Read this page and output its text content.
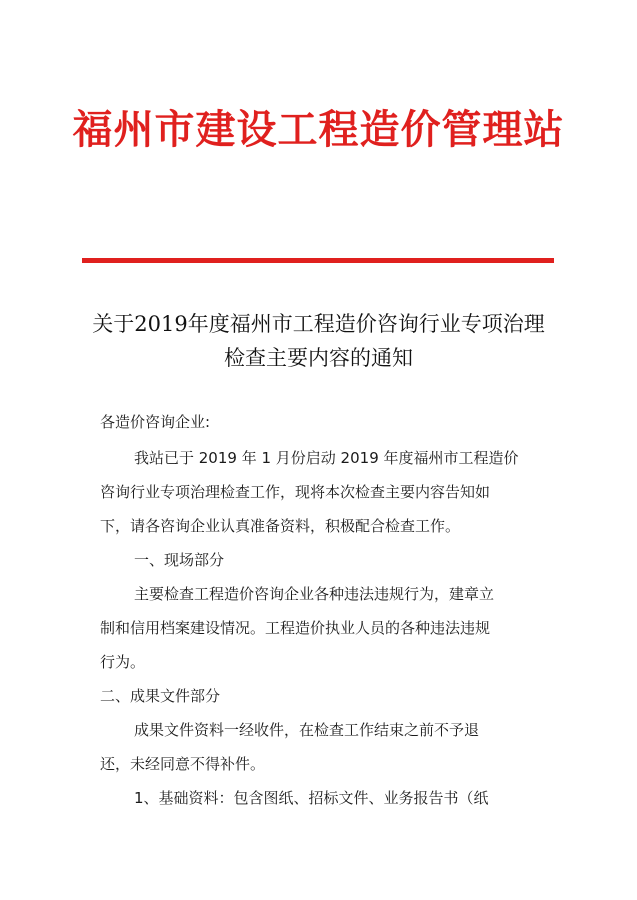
福州市建设工程造价管理站
关于2019年度福州市工程造价咨询行业专项治理
检查主要内容的通知
各造价咨询企业:
我站已于 2019 年 1 月份启动 2019 年度福州市工程造价
咨询行业专项治理检查工作，现将本次检查主要内容告知如
下，请各咨询企业认真准备资料，积极配合检查工作。
一、现场部分
主要检查工程造价咨询企业各种违法违规行为，建章立
制和信用档案建设情况。工程造价执业人员的各种违法违规
行为。
二、成果文件部分
成果文件资料一经收件，在检查工作结束之前不予退
还，未经同意不得补件。
1、基础资料：包含图纸、招标文件、业务报告书（纸
